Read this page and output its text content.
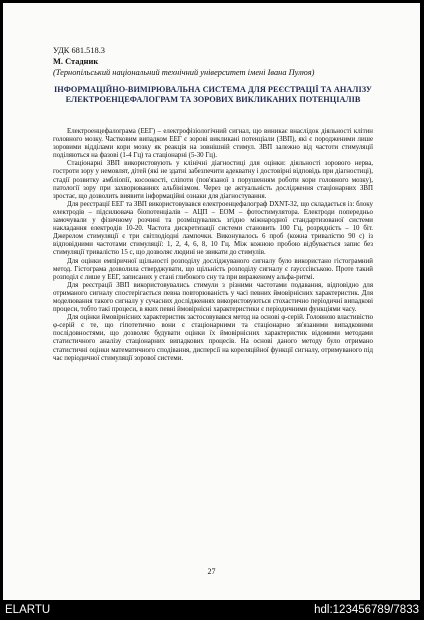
УДК 681.518.3
М. Стадник
(Тернопільський національний технічний університет імені Івана Пулюя)
ІНФОРМАЦІЙНО-ВИМІРЮВАЛЬНА СИСТЕМА ДЛЯ РЕЄСТРАЦІЇ ТА АНАЛІЗУ ЕЛЕКТРОЕНЦЕФАЛОГРАМ ТА ЗОРОВИХ ВИКЛИКАНИХ ПОТЕНЦІАЛІВ

Електроенцефалограма (ЕЕГ) – електрофізіологічний сигнал, що виникає внаслідок діяльності клітин головного мозку. Частковим випадком ЕЕГ є зорові викликані потенціали (ЗВП), які є породженими лише зоровими відділами кори мозку як реакція на зовнішній стимул. ЗВП залежно від частоти стимуляції поділяються на фазові (1-4 Гц) та стаціонарні (5-30 Гц).

Стаціонарні ЗВП використовують у клінічні діагностиці для оцінки: діяльності зорового нерва, гостроти зору у немовлят, дітей (які не здатні забезпечити адекватну і достовірні відповідь при діагностиці), стадії розвитку амбліопії, косоокості, сліпоти (пов'язаної з порушенням роботи кори головного мозку), патології зору при захворюваннях альбінізмом. Через це актуальність дослідження стаціонарних ЗВП зростає, що дозволить виявити інформаційні ознаки для діагностування.

Для реєстрації ЕЕГ та ЗВП використовувався електроенцефалограф DXNT-32, що складається із: блоку електродів – підсилювача біопотенціалів – АЦП – ЕОМ – фотостимулятора. Електроди попередньо замочували у фізичному розчині та розміщувались згідно міжнародної стандартизованої системи накладання електродів 10-20. Частота дискретизації системи становить 100 Гц, розрядність – 10 біт. Джерелом стимуляції є три світлодіодні лампочки. Виконувалось 6 проб (кожна тривалістю 90 с) із відповідними частотами стимуляції: 1, 2, 4, 6, 8, 10 Гц. Між кожною пробою відбувається запис без стимуляції тривалістю 15 с, що дозволяє людині не звикати до стимулів.

Для оцінки емпіричної щільності розподілу досліджуваного сигналу було використано гістограмний метод. Гістограма дозволила стверджувати, що щільність розподілу сигналу є гаусссівською. Проте такий розподіл є лише у ЕЕГ, записаних у стані глибокого сну та при вираженому альфа-ритмі.

Для реєстрації ЗВП використовувались стимули з різними частотами подавання, відповідно для отриманого сигналу спостерігається певна повторюваність у часі певних ймовірнісних характеристик. Для моделювання такого сигналу у сучасних дослідженнях використовуються стохастично періодичні випадкові процеси, тобто такі процеси, в яких певні ймовірнісні характеристики є періодичними функціями часу.

Для оцінки ймовірнісних характеристик застосовувався метод на основі φ-серій. Головною властивістю φ-серій є те, що гіпотетично вони є стаціонарними та стаціонарно зв'язаними випадковими послідовностями, що дозволяє будувати оцінки їх ймовірнісних характеристик відомими методами статистичного аналізу стаціонарних випадкових процесів. На основі даного методу було отримано статистичні оцінки математичного сподівання, дисперсії на кореляційної функції сигналу, отримуваного під час періодичної стимуляції зорової системи.

27
ELARTU	hdl:123456789/7833
